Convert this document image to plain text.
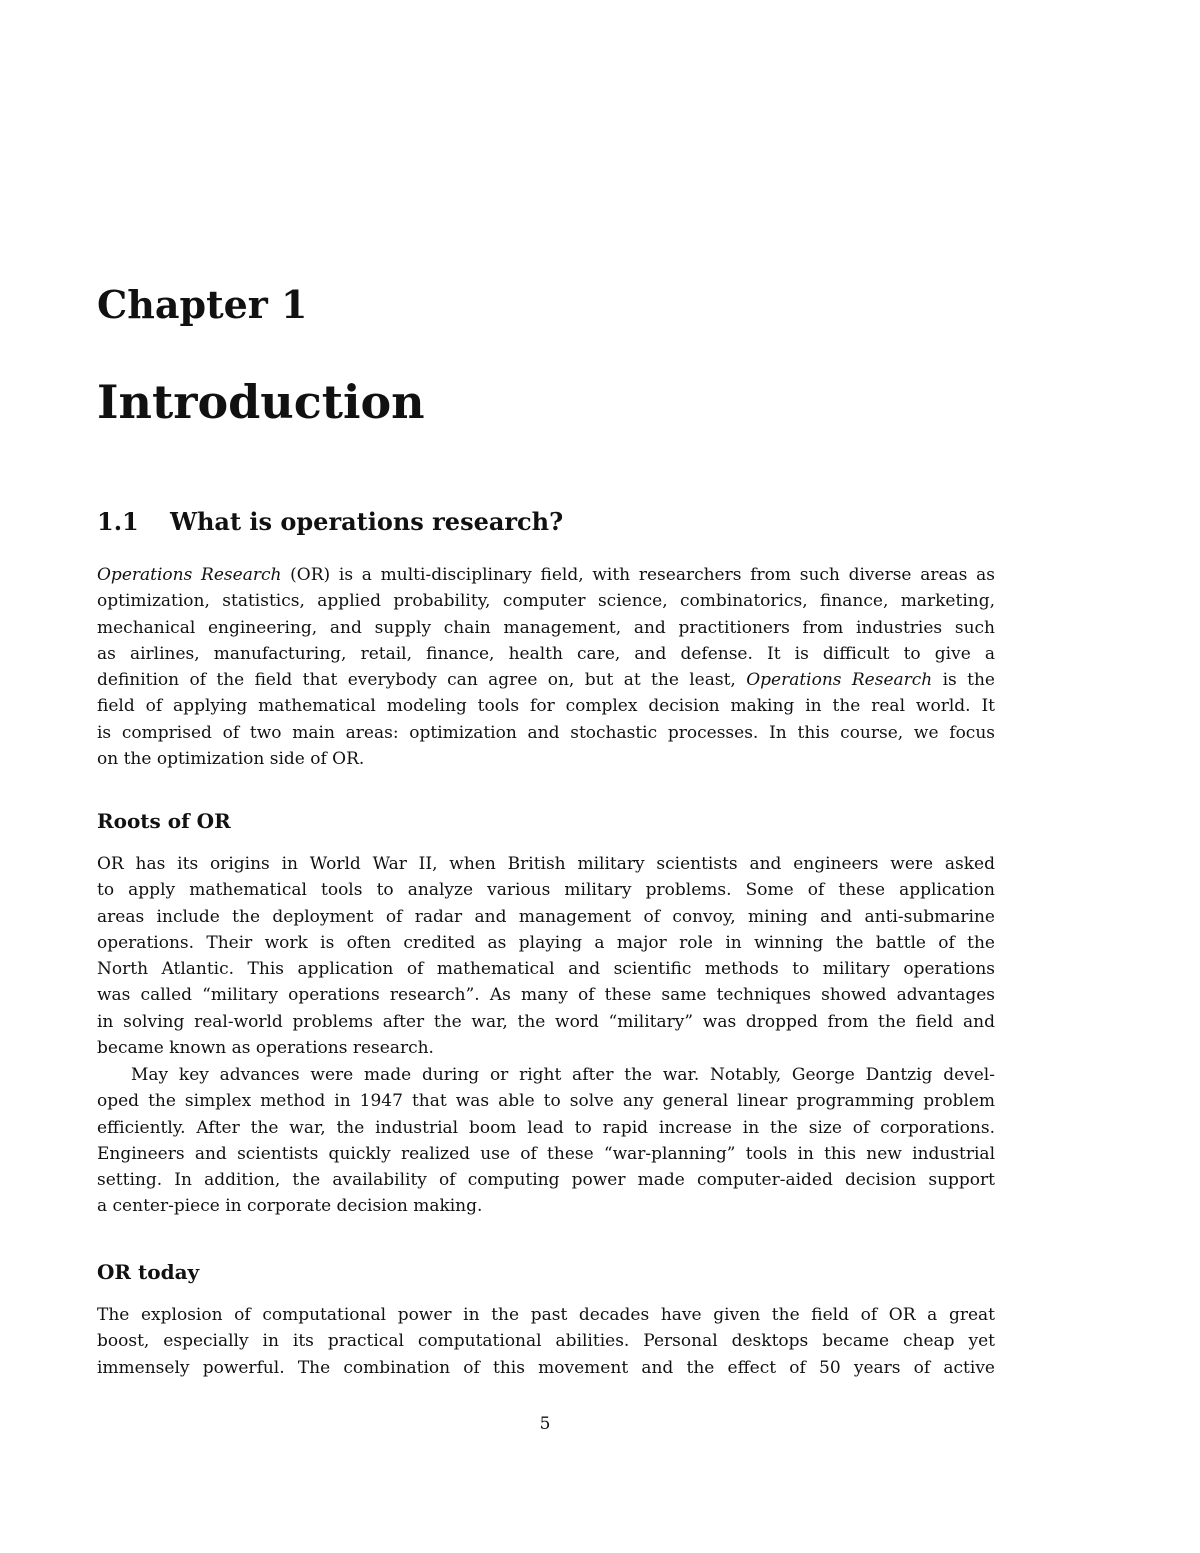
Chapter 1
Introduction
1.1 What is operations research?
Operations Research (OR) is a multi-disciplinary field, with researchers from such diverse areas as
optimization, statistics, applied probability, computer science, combinatorics, finance, marketing,
mechanical engineering, and supply chain management, and practitioners from industries such
as airlines, manufacturing, retail, finance, health care, and defense. It is difficult to give a
definition of the field that everybody can agree on, but at the least, Operations Research is the
field of applying mathematical modeling tools for complex decision making in the real world. It
is comprised of two main areas: optimization and stochastic processes. In this course, we focus
on the optimization side of OR.
Roots of OR
OR has its origins in World War II, when British military scientists and engineers were asked
to apply mathematical tools to analyze various military problems. Some of these application
areas include the deployment of radar and management of convoy, mining and anti-submarine
operations. Their work is often credited as playing a major role in winning the battle of the
North Atlantic. This application of mathematical and scientific methods to military operations
was called “military operations research”. As many of these same techniques showed advantages
in solving real-world problems after the war, the word “military” was dropped from the field and
became known as operations research.
May key advances were made during or right after the war. Notably, George Dantzig devel-
oped the simplex method in 1947 that was able to solve any general linear programming problem
efficiently. After the war, the industrial boom lead to rapid increase in the size of corporations.
Engineers and scientists quickly realized use of these “war-planning” tools in this new industrial
setting. In addition, the availability of computing power made computer-aided decision support
a center-piece in corporate decision making.
OR today
The explosion of computational power in the past decades have given the field of OR a great
boost, especially in its practical computational abilities. Personal desktops became cheap yet
immensely powerful. The combination of this movement and the effect of 50 years of active
5
